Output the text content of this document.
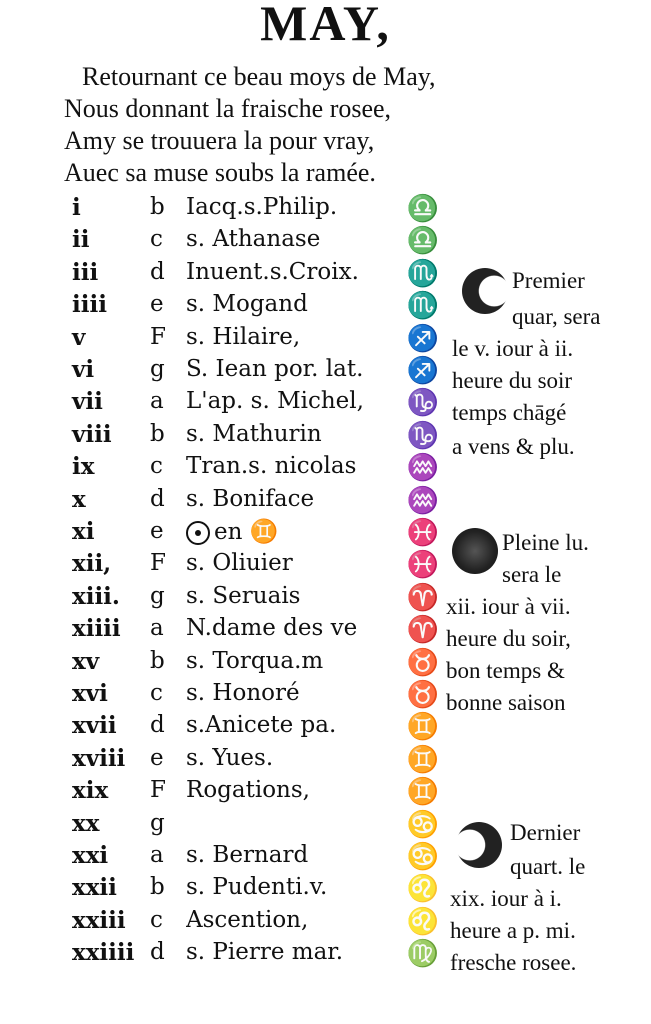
MAY,
Retournant ce beau moys de May,
Nous donnant la fraische rosee,
Amy se trouuera la pour vray,
Auec sa muse soubs la ramée.
i	b Iacq.s.Philip.	♎
ii	c	s. Athanase	♎
iii	d Inuent.s.Croix.	♏
iiii	e s. Mogand	♏
v	F s. Hilaire,	♐
vi	g S. Iean por. lat.	♐
vii	a L'ap. s. Michel,	♑
viii	b s. Mathurin	♑
ix	c	Tran.s. nicolas	♒
x	d s. Boniface	♒
xi	e	en ♊	♓
xii,	F s. Oliuier	♓
xiii.	g s. Seruais	♈
xiiii	a N.dame des ve	♈
xv	b s. Torqua.m	♉
xvi	c	s. Honoré	♉
xvii	d s.Anicete pa.	♊
xviii	e s. Yues.	♊
xix	F Rogations,	♊
xx	g	♋
xxi	a s. Bernard	♋
xxii	b s. Pudenti.v.	♌
xxiii	c	Ascention,	♌
xxiiii d s. Pierre mar.	♍
Premier
quar, sera
le v. iour à ii.
heure du soir
temps chāgé
a vens & plu.
Pleine lu.
sera le
xii. iour à vii.
heure du soir,
bon temps &
bonne saison
Dernier
quart. le
xix. iour à i.
heure a p. mi.
fresche rosee.
